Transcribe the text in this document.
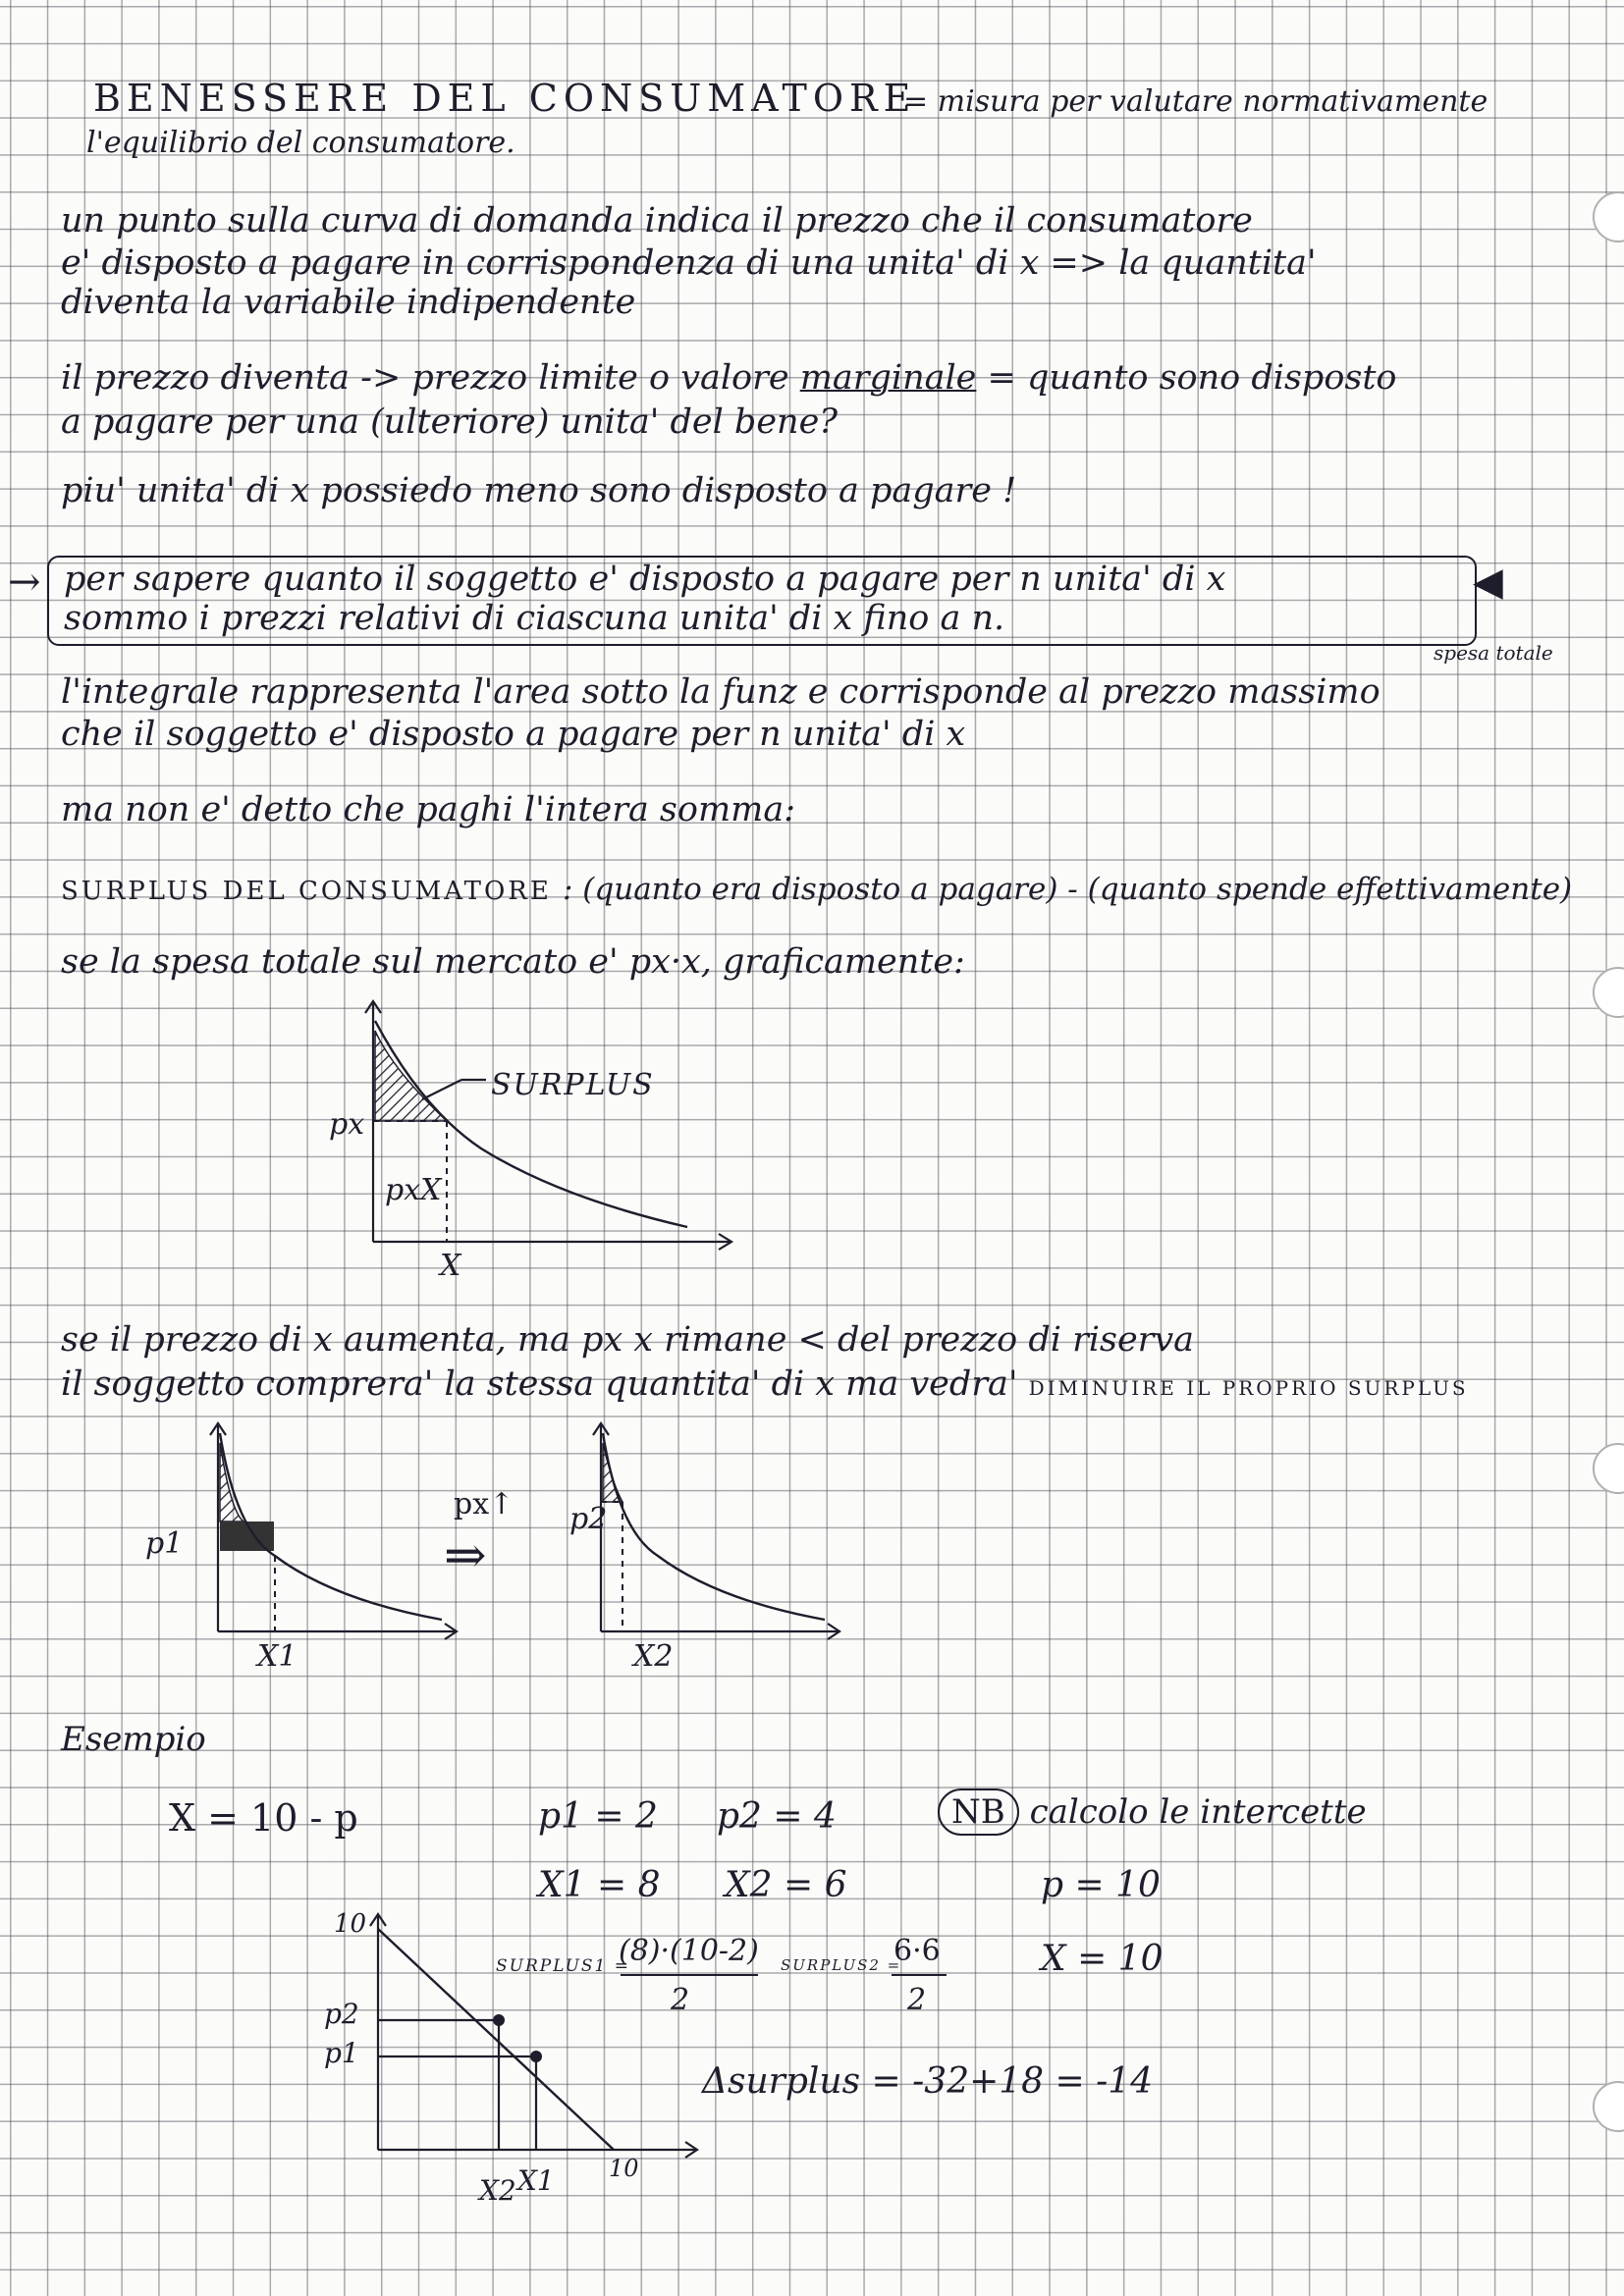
BENESSERE DEL CONSUMATORE
= misura per valutare normativamente
l'equilibrio del consumatore.
un punto sulla curva di domanda indica il prezzo che il consumatore
e' disposto a pagare in corrispondenza di una unita' di x => la quantita'
diventa la variabile indipendente
il prezzo diventa -> prezzo limite o valore marginale = quanto sono disposto
a pagare per una (ulteriore) unita' del bene?
piu' unita' di x possiedo meno sono disposto a pagare !
→	◀
per sapere quanto il soggetto e' disposto a pagare per n unita' di x
sommo i prezzi relativi di ciascuna unita' di x fino a n.
spesa totale
l'integrale rappresenta l'area sotto la funz e corrisponde al prezzo massimo
che il soggetto e' disposto a pagare per n unita' di x
ma non e' detto che paghi l'intera somma:
SURPLUS DEL CONSUMATORE : (quanto era disposto a pagare) - (quanto spende effettivamente)
se la spesa totale sul mercato e' px·x, graficamente:
SURPLUS
px
pxX
X
se il prezzo di x aumenta, ma px x rimane < del prezzo di riserva
il soggetto comprera' la stessa quantita' di x ma vedra' DIMINUIRE IL PROPRIO SURPLUS
p1
X1
px↑
⇒
p2
X2
Esempio
X = 10 - p	p1 = 2 p2 = 4	NB calcolo le intercette
X1 = 8 X2 = 6	p = 10
SURPLUS1 =
(8)·(10-2)
2
SURPLUS2 =
6·6
2
X = 10
Δsurplus = -32+18 = -14
10
10
p2
p1
X2 X1
